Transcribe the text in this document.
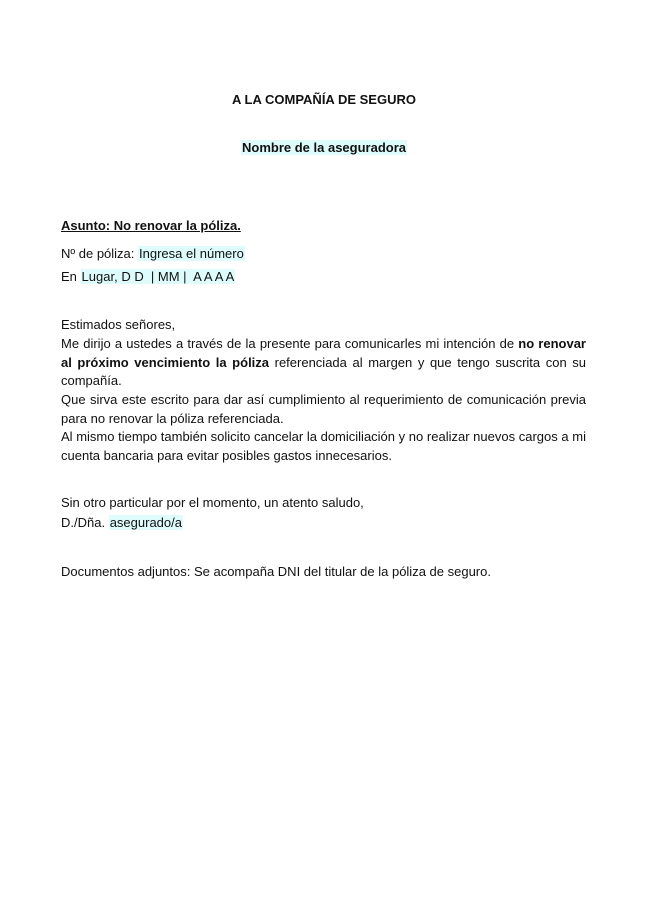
A LA COMPAÑÍA DE SEGURO
Nombre de la aseguradora
Asunto: No renovar la póliza.
Nº de póliza: Ingresa el número
En Lugar, D D  | MM |  A A A A
Estimados señores,
Me dirijo a ustedes a través de la presente para comunicarles mi intención de no renovar al próximo vencimiento la póliza referenciada al margen y que tengo suscrita con su compañía.
Que sirva este escrito para dar así cumplimiento al requerimiento de comunicación previa para no renovar la póliza referenciada.
Al mismo tiempo también solicito cancelar la domiciliación y no realizar nuevos cargos a mi cuenta bancaria para evitar posibles gastos innecesarios.
Sin otro particular por el momento, un atento saludo,
D./Dña. asegurado/a
Documentos adjuntos: Se acompaña DNI del titular de la póliza de seguro.
